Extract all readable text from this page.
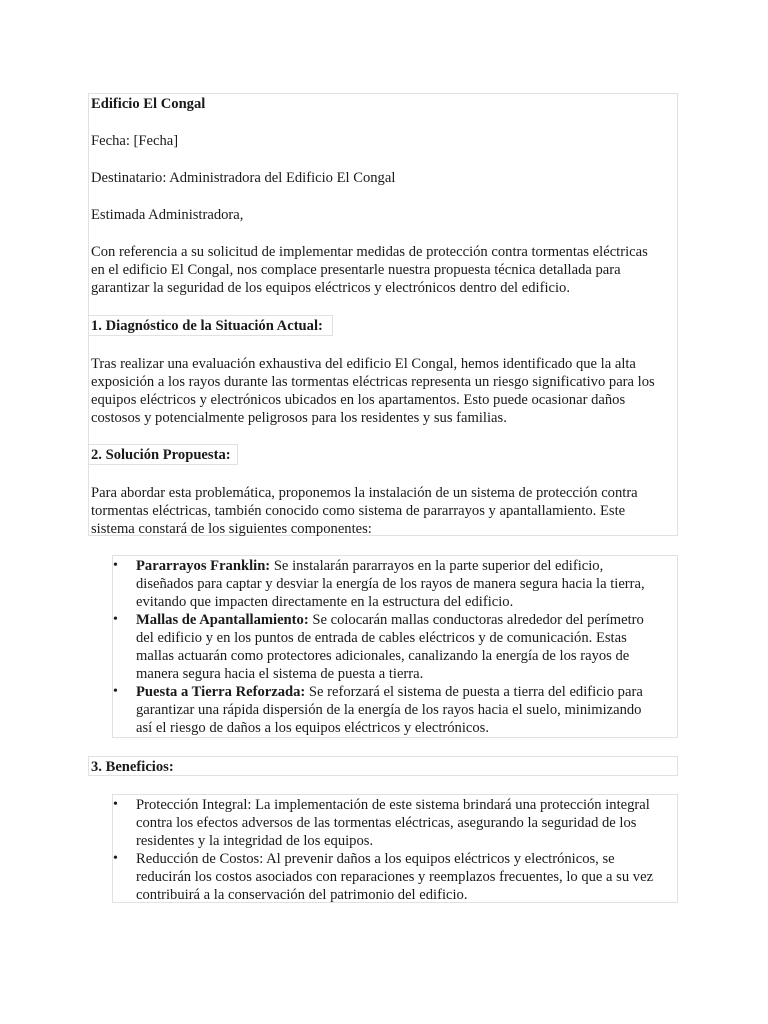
Edificio El Congal

Fecha: [Fecha]

Destinatario: Administradora del Edificio El Congal

Estimada Administradora,

Con referencia a su solicitud de implementar medidas de protección contra tormentas eléctricas
en el edificio El Congal, nos complace presentarle nuestra propuesta técnica detallada para
garantizar la seguridad de los equipos eléctricos y electrónicos dentro del edificio.

1. Diagnóstico de la Situación Actual:

Tras realizar una evaluación exhaustiva del edificio El Congal, hemos identificado que la alta
exposición a los rayos durante las tormentas eléctricas representa un riesgo significativo para los
equipos eléctricos y electrónicos ubicados en los apartamentos. Esto puede ocasionar daños
costosos y potencialmente peligrosos para los residentes y sus familias.

2. Solución Propuesta:

Para abordar esta problemática, proponemos la instalación de un sistema de protección contra
tormentas eléctricas, también conocido como sistema de pararrayos y apantallamiento. Este
sistema constará de los siguientes componentes:
• Pararrayos Franklin: Se instalarán pararrayos en la parte superior del edificio,
diseñados para captar y desviar la energía de los rayos de manera segura hacia la tierra,
evitando que impacten directamente en la estructura del edificio.
• Mallas de Apantallamiento: Se colocarán mallas conductoras alrededor del perímetro
del edificio y en los puntos de entrada de cables eléctricos y de comunicación. Estas
mallas actuarán como protectores adicionales, canalizando la energía de los rayos de
manera segura hacia el sistema de puesta a tierra.
• Puesta a Tierra Reforzada: Se reforzará el sistema de puesta a tierra del edificio para
garantizar una rápida dispersión de la energía de los rayos hacia el suelo, minimizando
así el riesgo de daños a los equipos eléctricos y electrónicos.

3. Beneficios:

• Protección Integral: La implementación de este sistema brindará una protección integral
contra los efectos adversos de las tormentas eléctricas, asegurando la seguridad de los
residentes y la integridad de los equipos.
• Reducción de Costos: Al prevenir daños a los equipos eléctricos y electrónicos, se
reducirán los costos asociados con reparaciones y reemplazos frecuentes, lo que a su vez
contribuirá a la conservación del patrimonio del edificio.
